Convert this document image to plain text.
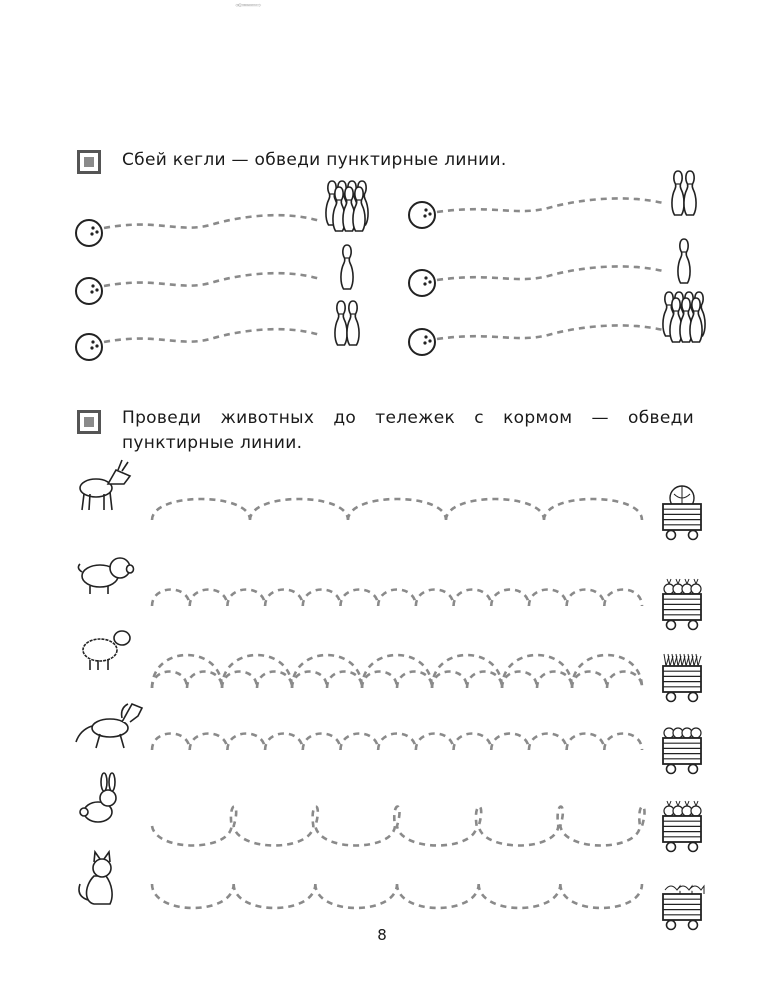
Сбей кегли — обведи пунктирные линии.
Проведи животных до тележек с кормом — обведи пунктирные линии.
8
